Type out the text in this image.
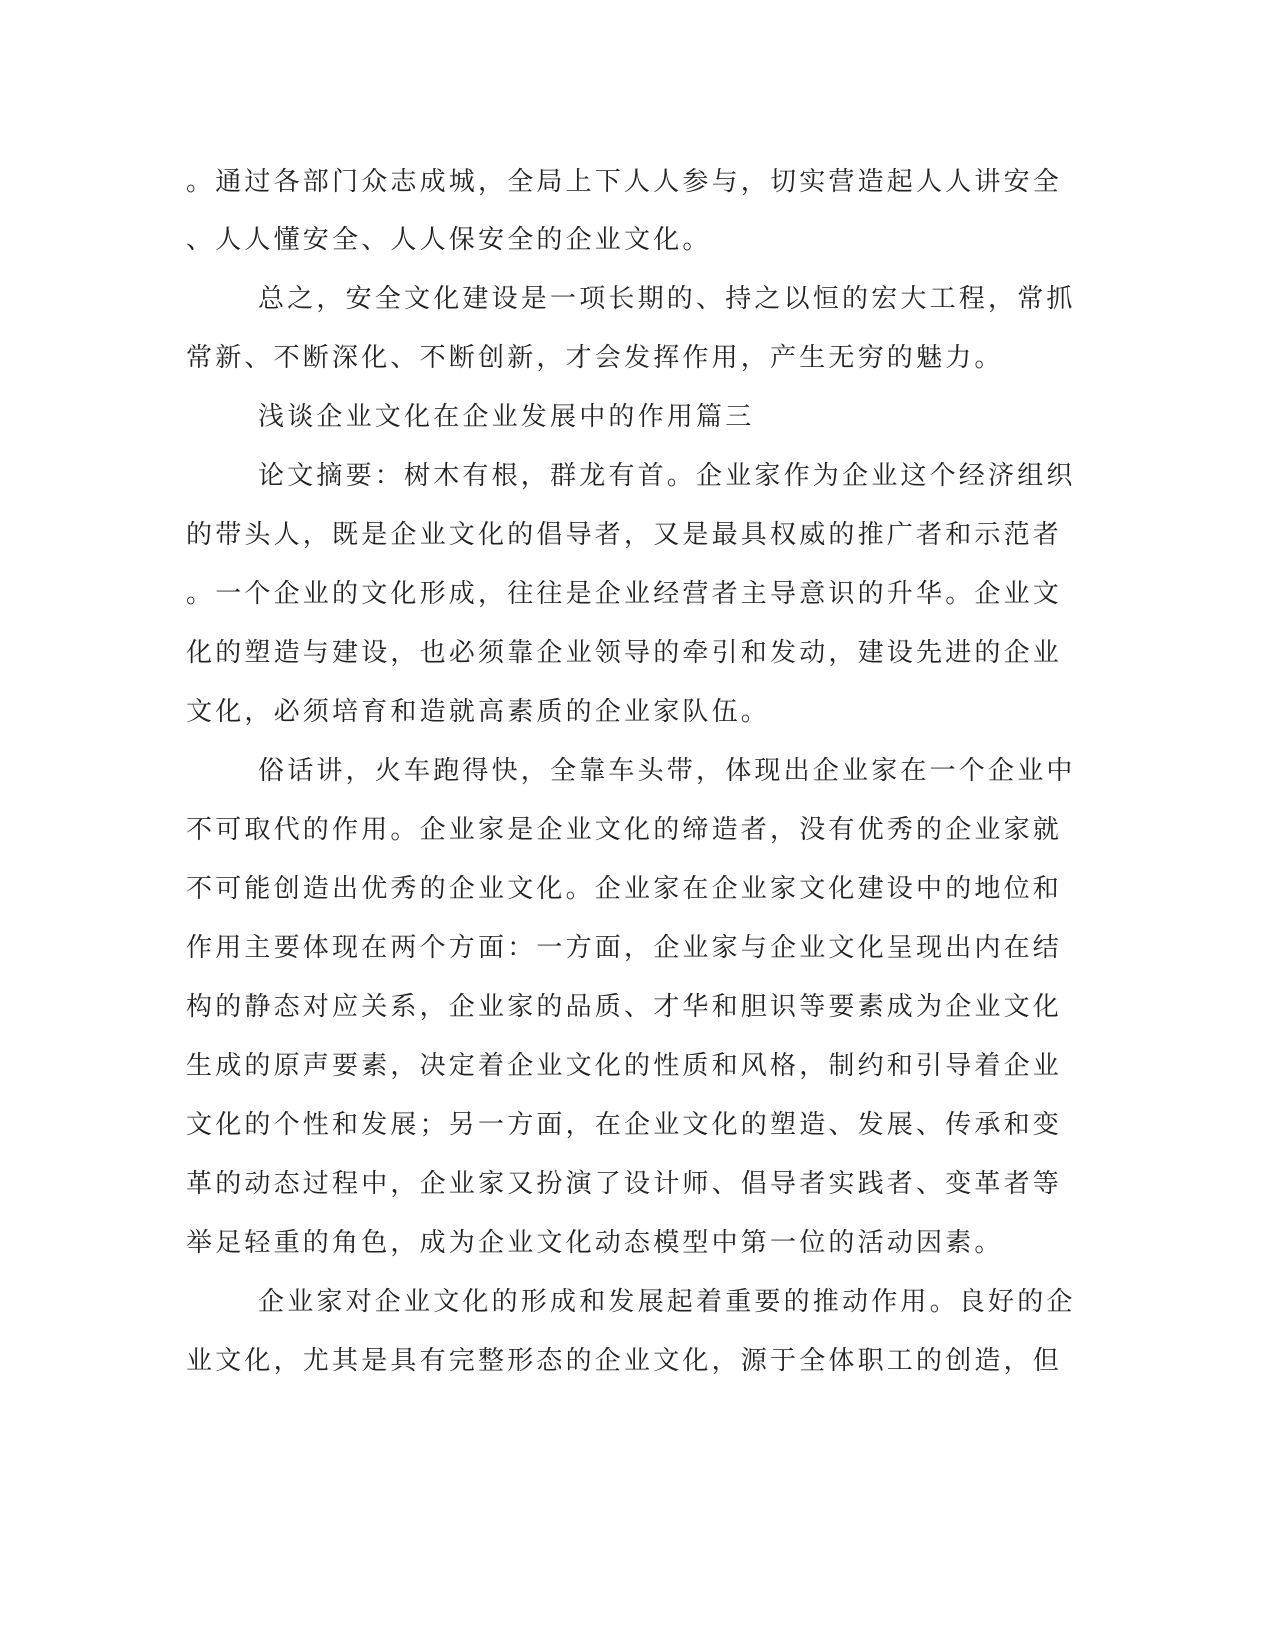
。通过各部门众志成城，全局上下人人参与，切实营造起人人讲安全
、人人懂安全、人人保安全的企业文化。
总之，安全文化建设是一项长期的、持之以恒的宏大工程，常抓
常新、不断深化、不断创新，才会发挥作用，产生无穷的魅力。
浅谈企业文化在企业发展中的作用篇三
论文摘要：树木有根，群龙有首。企业家作为企业这个经济组织
的带头人，既是企业文化的倡导者，又是最具权威的推广者和示范者
。一个企业的文化形成，往往是企业经营者主导意识的升华。企业文
化的塑造与建设，也必须靠企业领导的牵引和发动，建设先进的企业
文化，必须培育和造就高素质的企业家队伍。
俗话讲，火车跑得快，全靠车头带，体现出企业家在一个企业中
不可取代的作用。企业家是企业文化的缔造者，没有优秀的企业家就
不可能创造出优秀的企业文化。企业家在企业家文化建设中的地位和
作用主要体现在两个方面：一方面，企业家与企业文化呈现出内在结
构的静态对应关系，企业家的品质、才华和胆识等要素成为企业文化
生成的原声要素，决定着企业文化的性质和风格，制约和引导着企业
文化的个性和发展；另一方面，在企业文化的塑造、发展、传承和变
革的动态过程中，企业家又扮演了设计师、倡导者实践者、变革者等
举足轻重的角色，成为企业文化动态模型中第一位的活动因素。
企业家对企业文化的形成和发展起着重要的推动作用。良好的企
业文化，尤其是具有完整形态的企业文化，源于全体职工的创造，但
